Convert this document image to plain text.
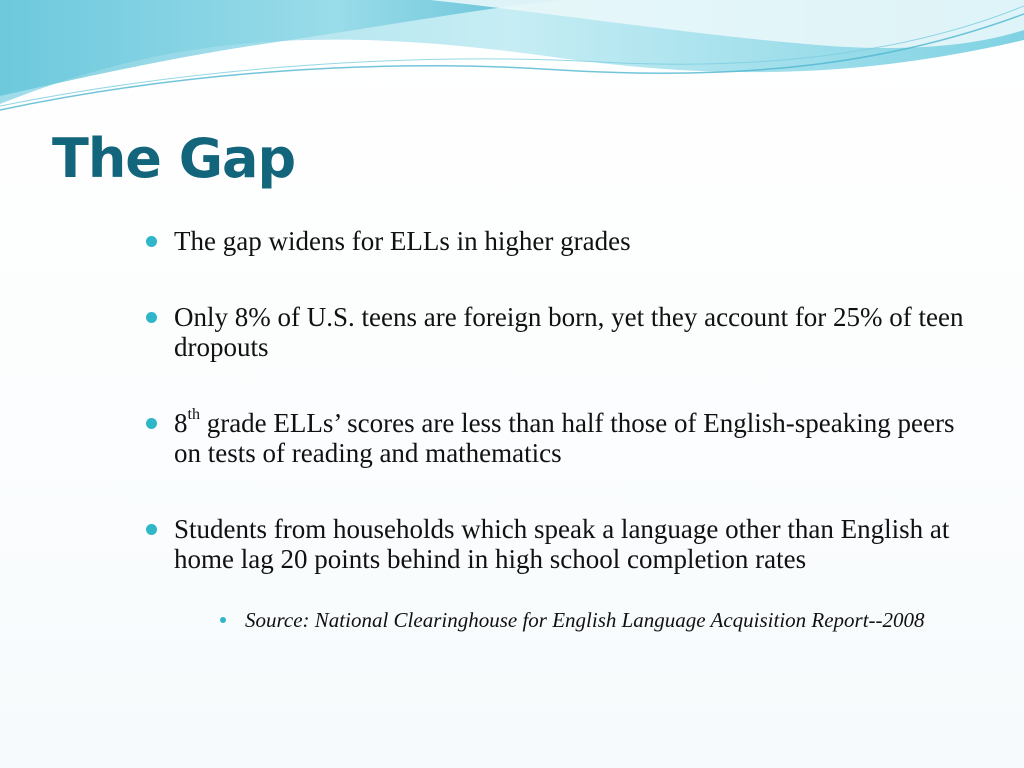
The Gap
The gap widens for ELLs in higher grades
Only 8% of U.S. teens are foreign born, yet they account for 25% of teen dropouts
8th grade ELLs’ scores are less than half those of English-speaking peers on tests of reading and mathematics
Students from households which speak a language other than English at home lag 20 points behind in high school completion rates
Source: National Clearinghouse for English Language Acquisition Report--2008
